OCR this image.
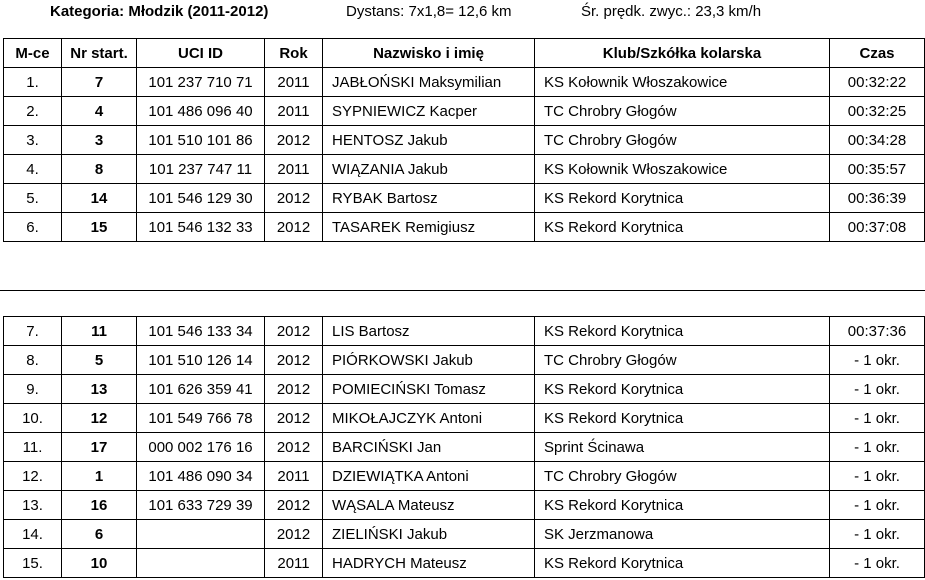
Kategoria: Młodzik (2011-2012)	Dystans: 7x1,8= 12,6 km	Śr. prędk. zwyc.: 23,3 km/h
M-ce	Nr start.	UCI ID	Rok	Nazwisko i imię	Klub/Szkółka kolarska	Czas
1.	7	101 237 710 71	2011	JABŁOŃSKI Maksymilian	KS Kołownik Włoszakowice	00:32:22
2.	4	101 486 096 40	2011	SYPNIEWICZ Kacper	TC Chrobry Głogów	00:32:25
3.	3	101 510 101 86	2012	HENTOSZ Jakub	TC Chrobry Głogów	00:34:28
4.	8	101 237 747 11	2011	WIĄZANIA Jakub	KS Kołownik Włoszakowice	00:35:57
5.	14	101 546 129 30	2012	RYBAK Bartosz	KS Rekord Korytnica	00:36:39
6.	15	101 546 132 33	2012	TASAREK Remigiusz	KS Rekord Korytnica	00:37:08
7.	11	101 546 133 34	2012	LIS Bartosz	KS Rekord Korytnica	00:37:36
8.	5	101 510 126 14	2012	PIÓRKOWSKI Jakub	TC Chrobry Głogów	- 1 okr.
9.	13	101 626 359 41	2012	POMIECIŃSKI Tomasz	KS Rekord Korytnica	- 1 okr.
10.	12	101 549 766 78	2012	MIKOŁAJCZYK Antoni	KS Rekord Korytnica	- 1 okr.
11.	17	000 002 176 16	2012	BARCIŃSKI Jan	Sprint Ścinawa	- 1 okr.
12.	1	101 486 090 34	2011	DZIEWIĄTKA Antoni	TC Chrobry Głogów	- 1 okr.
13.	16	101 633 729 39	2012	WĄSALA Mateusz	KS Rekord Korytnica	- 1 okr.
14.	6		2012	ZIELIŃSKI Jakub	SK Jerzmanowa	- 1 okr.
15.	10		2011	HADRYCH Mateusz	KS Rekord Korytnica	- 1 okr.
